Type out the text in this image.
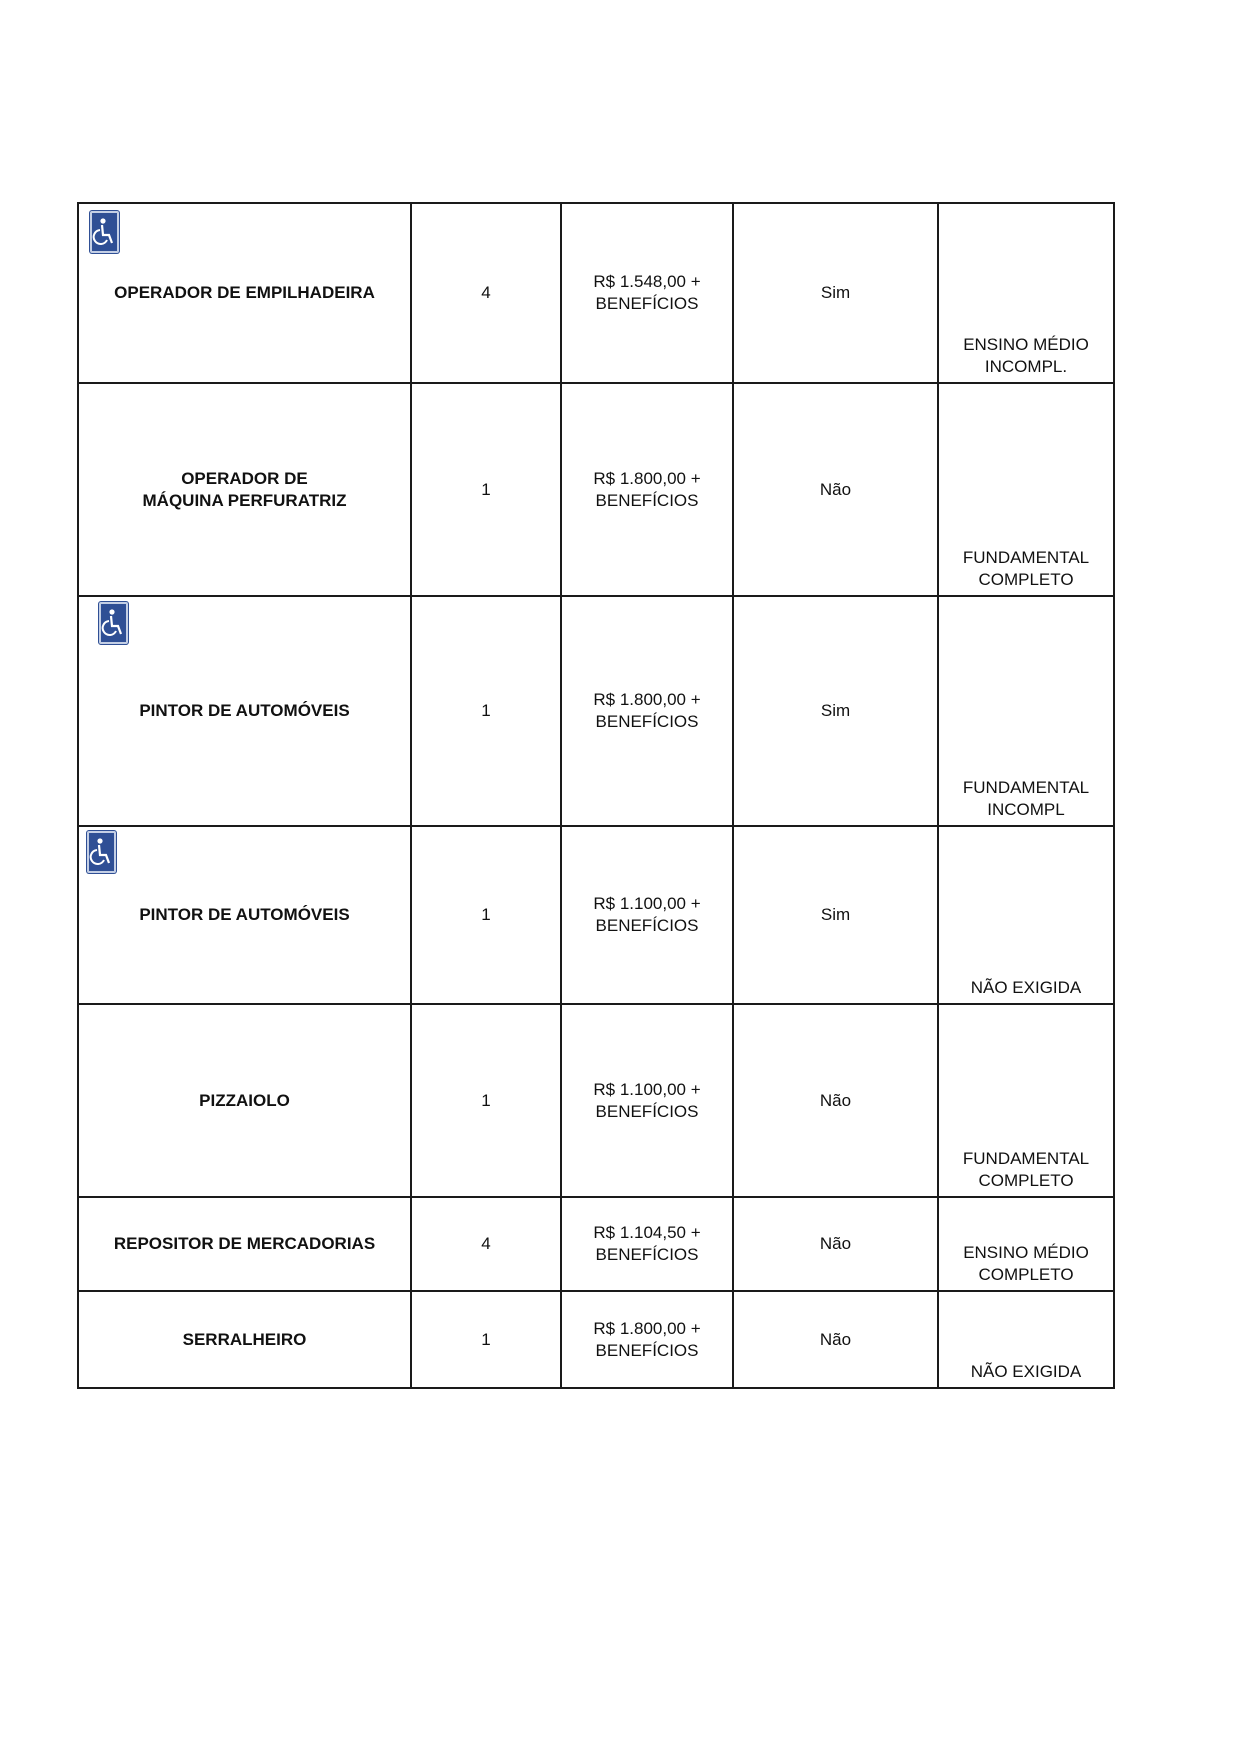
OPERADOR DE EMPILHADEIRA	4	R$ 1.548,00 +
BENEFÍCIOS	Sim	ENSINO MÉDIO
INCOMPL.

OPERADOR DE MÁQUINA PERFURATRIZ	1	R$ 1.800,00 +
BENEFÍCIOS	Não	FUNDAMENTAL
COMPLETO

PINTOR DE AUTOMÓVEIS	1	R$ 1.800,00 +
BENEFÍCIOS	Sim	FUNDAMENTAL
INCOMPL

PINTOR DE AUTOMÓVEIS	1	R$ 1.100,00 +
BENEFÍCIOS	Sim	NÃO EXIGIDA

PIZZAIOLO	1	R$ 1.100,00 +
BENEFÍCIOS	Não	FUNDAMENTAL
COMPLETO

REPOSITOR DE MERCADORIAS	4	R$ 1.104,50 +
BENEFÍCIOS	Não	ENSINO MÉDIO
COMPLETO

SERRALHEIRO	1	R$ 1.800,00 +
BENEFÍCIOS	Não	NÃO EXIGIDA
